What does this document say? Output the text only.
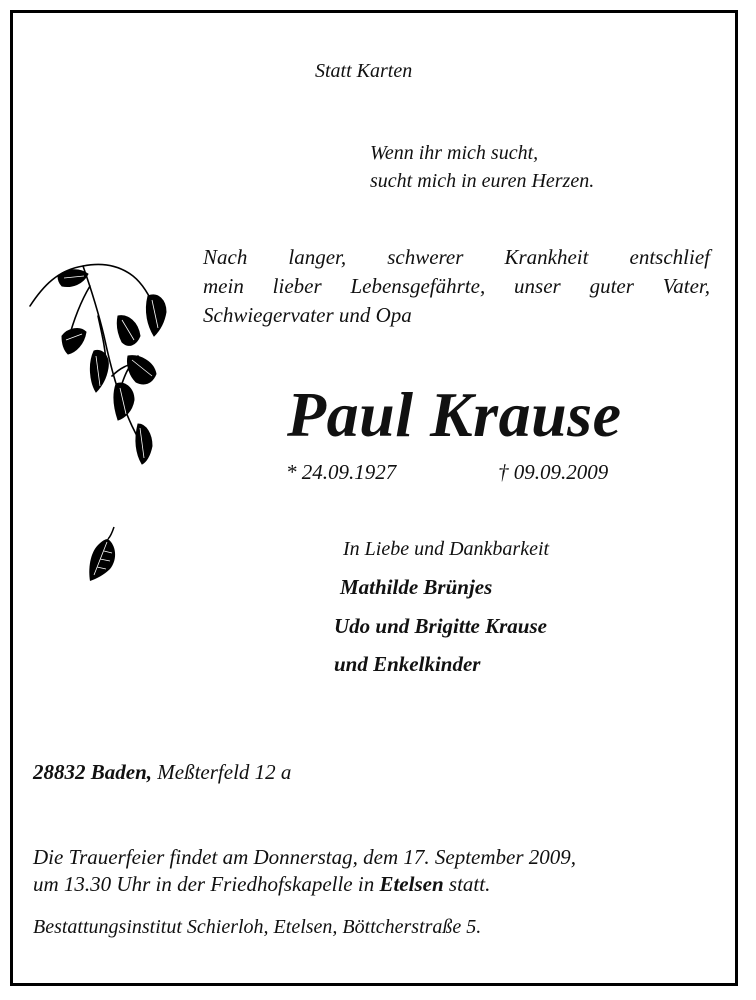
Statt Karten
Wenn ihr mich sucht,
sucht mich in euren Herzen.
Nach langer, schwerer Krankheit entschlief
mein lieber Lebensgefährte, unser guter Vater,
Schwiegervater und Opa
Paul Krause
* 24.09.1927	† 09.09.2009
In Liebe und Dankbarkeit
Mathilde Brünjes
Udo und Brigitte Krause
und Enkelkinder
28832 Baden, Meßterfeld 12 a
Die Trauerfeier findet am Donnerstag, dem 17. September 2009,
um 13.30 Uhr in der Friedhofskapelle in Etelsen statt.
Bestattungsinstitut Schierloh, Etelsen, Böttcherstraße 5.
